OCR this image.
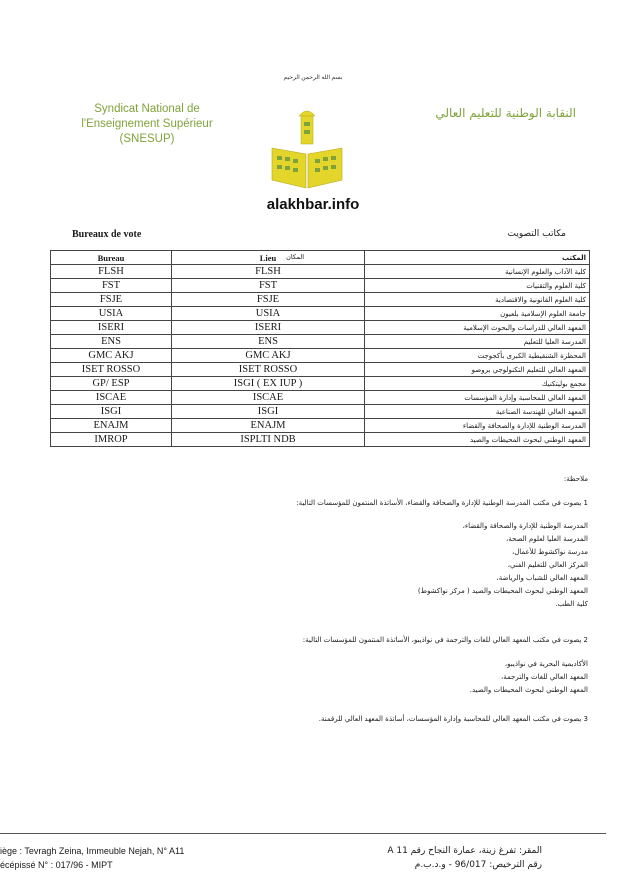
بسم الله الرحمن الرحيم
Syndicat National de
l'Enseignement Supérieur
(SNESUP)
النقابة الوطنية للتعليم العالي
alakhbar.info
Bureaux de vote	مكاتب التصويت
Bureau	Lieu المكان	المكتب
FLSH	FLSH	كلية الآداب والعلوم الإنسانية
FST	FST	كلية العلوم والتقنيات
FSJE	FSJE	كلية العلوم القانونية والاقتصادية
USIA	USIA	جامعة العلوم الإسلامية بلعيون
ISERI	ISERI	المعهد العالي للدراسات والبحوث الإسلامية
ENS	ENS	المدرسة العليا للتعليم
GMC AKJ	GMC AKJ	المحظرة الشنقيطية الكبرى بأكجوجت
ISET ROSSO	ISET ROSSO	المعهد العالي للتعليم التكنولوجي بروصو
GP/ ESP	ISGI ( EX IUP )	مجمع بوليتكنيك
ISCAE	ISCAE	المعهد العالي للمحاسبة وإدارة المؤسسات
ISGI	ISGI	المعهد العالي للهندسة الصناعية
ENAJM	ENAJM	المدرسة الوطنية للإدارة والصحافة والقضاء
IMROP	ISPLTI NDB	المعهد الوطني لبحوث المحيطات والصيد
ملاحظة:
1 يصوت في مكتب المدرسة الوطنية للإدارة والصحافة والقضاء، الأساتذة المنتمون للمؤسسات التالية:
المدرسة الوطنية للإدارة والصحافة والقضاء،
المدرسة العليا لعلوم الصحة،
مدرسة نواكشوط للأعمال،
المركز العالي للتعليم الفني،
المعهد العالي للشباب والرياضة،
المعهد الوطني لبحوث المحيطات والصيد ( مركز نواكشوط)
كلية الطب.
2 يصوت في مكتب المعهد العالي للغات والترجمة في نواذيبو، الأساتذة المنتمون للمؤسسات التالية:
الأكاديمية البحرية في نواذيبو،
المعهد العالي للغات والترجمة،
المعهد الوطني لبحوث المحيطات والصيد.
3 يصوت في مكتب المعهد العالي للمحاسبة وإدارة المؤسسات، أساتذة المعهد العالي للرقمنة.
iège : Tevragh Zeina, Immeuble Nejah, N° A11
écépissé N° : 017/96 - MIPT
المقر: تفرغ زينة، عمارة النجاح رقم A 11
رقم الترخيص: 96/017 - و.د.ب.م
